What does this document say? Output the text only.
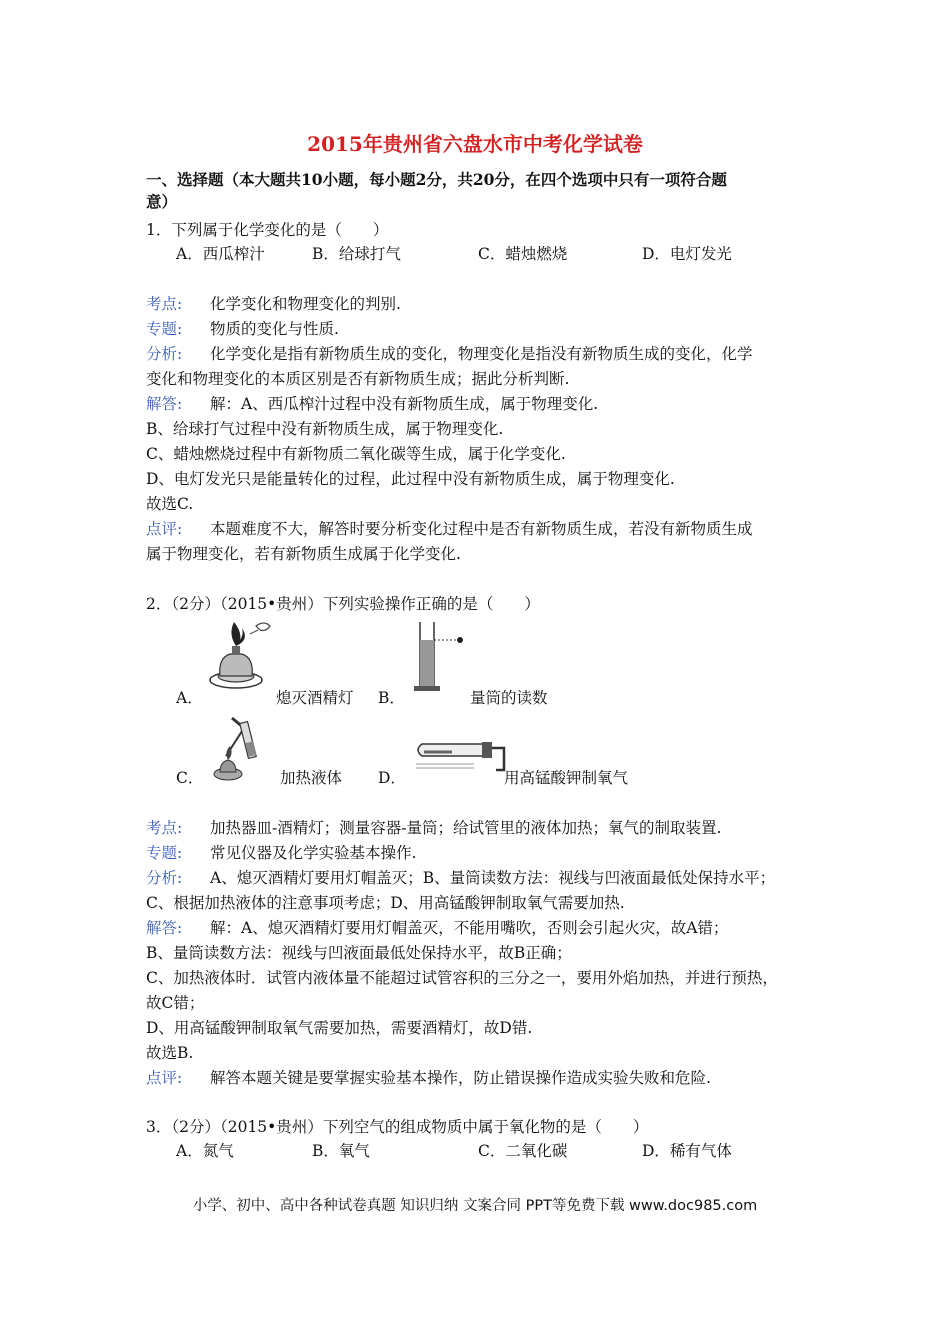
2015年贵州省六盘水市中考化学试卷
一、选择题（本大题共10小题，每小题2分，共20分，在四个选项中只有一项符合题
意）
1．下列属于化学变化的是（　　）
A．西瓜榨汁	B．给球打气	C．蜡烛燃烧	D．电灯发光
考点: 化学变化和物理变化的判别.
专题: 物质的变化与性质.
分析: 化学变化是指有新物质生成的变化，物理变化是指没有新物质生成的变化，化学
变化和物理变化的本质区别是否有新物质生成；据此分析判断.
解答: 解：A、西瓜榨汁过程中没有新物质生成，属于物理变化.
B、给球打气过程中没有新物质生成，属于物理变化.
C、蜡烛燃烧过程中有新物质二氧化碳等生成，属于化学变化.
D、电灯发光只是能量转化的过程，此过程中没有新物质生成，属于物理变化.
故选C.
点评: 本题难度不大，解答时要分析变化过程中是否有新物质生成，若没有新物质生成
属于物理变化，若有新物质生成属于化学变化.
2．（2分）（2015•贵州）下列实验操作正确的是（　　）
A．	熄灭酒精灯 B．	量筒的读数
C．	加热液体 D．	用高锰酸钾制氧气
考点: 加热器皿-酒精灯；测量容器-量筒；给试管里的液体加热；氧气的制取装置.
专题: 常见仪器及化学实验基本操作.
分析: A、熄灭酒精灯要用灯帽盖灭；B、量筒读数方法：视线与凹液面最低处保持水平；
C、根据加热液体的注意事项考虑；D、用高锰酸钾制取氧气需要加热.
解答: 解：A、熄灭酒精灯要用灯帽盖灭，不能用嘴吹，否则会引起火灾，故A错；
B、量筒读数方法：视线与凹液面最低处保持水平，故B正确；
C、加热液体时．试管内液体量不能超过试管容积的三分之一，要用外焰加热，并进行预热，
故C错；
D、用高锰酸钾制取氧气需要加热，需要酒精灯，故D错.
故选B.
点评: 解答本题关键是要掌握实验基本操作，防止错误操作造成实验失败和危险.
3．（2分）（2015•贵州）下列空气的组成物质中属于氧化物的是（　　）
A．氮气	B．氧气	C．二氧化碳	D．稀有气体
小学、初中、高中各种试卷真题 知识归纳 文案合同 PPT等免费下载 www.doc985.com
